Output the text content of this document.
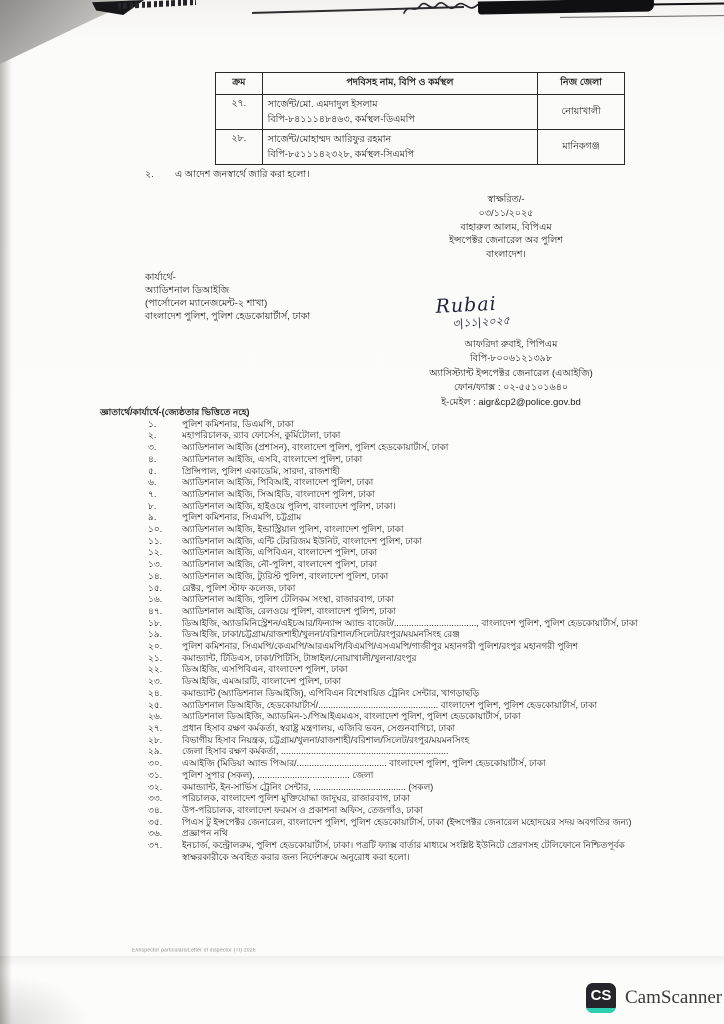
ক্রম	পদবিসহ নাম, বিপি ও কর্মস্থল	নিজ জেলা
২৭.	সার্জেন্ট/মো. এমদাদুল ইসলাম
বিপি-৮৪১১১৪৮৪৬৩, কর্মস্থল-ডিএমপি	নোয়াখালী
২৮.	সার্জেন্ট/মোহাম্মদ আরিফুর রহমান
বিপি-৮৫১১১৪২৩২৮, কর্মস্থল-সিএমপি	মানিকগঞ্জ
২. এ আদেশ জনস্বার্থে জারি করা হলো।
স্বাক্ষরিত/-
০৩/১১/২০২৫
বাহারুল আলম, বিপিএম
ইন্সপেক্টর জেনারেল অব পুলিশ
বাংলাদেশ।
কার্যার্থে-
অ্যাডিশনাল ডিআইজি
(পার্সোনেল ম্যানেজমেন্ট-২ শাখা)
বাংলাদেশ পুলিশ, পুলিশ হেডকোয়ার্টার্স, ঢাকা	Rubai
৩|১১|২০২৫
আফরিদা রুবাই, পিপিএম
বিপি-৮০০৬১২১৩৯৮
অ্যাসিস্ট্যান্ট ইন্সপেক্টর জেনারেল (এআইজি)
ফোন/ফ্যাক্স : ০২-৫৫১০১৬৪০
ই-মেইল : aigr&cp2@police.gov.bd
জ্ঞাতার্থে/কার্যার্থে-(জ্যেষ্ঠতার ভিত্তিতে নহে)
১.	পুলিশ কমিশনার, ডিএমপি, ঢাকা
২.	মহাপরিচালক, র‍্যাব ফোর্সেস, কুর্মিটোলা, ঢাকা
৩.	অ্যাডিশনাল আইজি (প্রশাসন), বাংলাদেশ পুলিশ, পুলিশ হেডকোয়ার্টার্স, ঢাকা
৪.	অ্যাডিশনাল আইজি, এসবি, বাংলাদেশ পুলিশ, ঢাকা
৫.	প্রিন্সিপাল, পুলিশ একাডেমি, সারদা, রাজশাহী
৬.	অ্যাডিশনাল আইজি, পিবিআই, বাংলাদেশ পুলিশ, ঢাকা
৭.	অ্যাডিশনাল আইজি, সিআইডি, বাংলাদেশ পুলিশ, ঢাকা
৮.	অ্যাডিশনাল আইজি, হাইওয়ে পুলিশ, বাংলাদেশ পুলিশ, ঢাকা।
৯.	পুলিশ কমিশনার, সিএমপি, চট্টগ্রাম
১০.	অ্যাডিশনাল আইজি, ইন্ডাস্ট্রিয়াল পুলিশ, বাংলাদেশ পুলিশ, ঢাকা
১১.	অ্যাডিশনাল আইজি, এন্টি টেররিজম ইউনিট, বাংলাদেশ পুলিশ, ঢাকা
১২.	অ্যাডিশনাল আইজি, এপিবিএন, বাংলাদেশ পুলিশ, ঢাকা
১৩.	অ্যাডিশনাল আইজি, নৌ-পুলিশ, বাংলাদেশ পুলিশ, ঢাকা
১৪.	অ্যাডিশনাল আইজি, ট্যুরিস্ট পুলিশ, বাংলাদেশ পুলিশ, ঢাকা
১৫.	রেক্টর, পুলিশ স্টাফ কলেজ, ঢাকা
১৬.	অ্যাডিশনাল আইজি, পুলিশ টেলিকম সংস্থা, রাজারবাগ, ঢাকা
৪৭.	অ্যাডিশনাল আইজি, রেলওয়ে পুলিশ, বাংলাদেশ পুলিশ, ঢাকা
১৮.	ডিআইজি, অ্যাডমিনিস্ট্রেশন/এইচআর/ফিন্যান্স অ্যান্ড বাজেট/................................., বাংলাদেশ পুলিশ, পুলিশ হেডকোয়ার্টার্স, ঢাকা
১৯.	ডিআইজি, ঢাকা/চট্টগ্রাম/রাজশাহী/খুলনা/বরিশাল/সিলেট/রংপুর/ময়মনসিংহ রেঞ্জ
২০.	পুলিশ কমিশনার, সিএমপি/কেএমপি/আরএমপি/বিএমপি/এসএমপি/গাজীপুর মহানগরী পুলিশ/রংপুর মহানগরী পুলিশ
২১.	কমান্ড্যান্ট, টিডিএস, ঢাকা/পিটিসি, টাঙ্গাইল/নোয়াখালী/খুলনা/রংপুর
২২.	ডিআইজি, এসপিবিএন, বাংলাদেশ পুলিশ, ঢাকা
২৩.	ডিআইজি, এমআরটি, বাংলাদেশ পুলিশ, ঢাকা
২৪.	কমান্ড্যান্ট (অ্যাডিশনাল ডিআইজি), এপিবিএন বিশেষায়িত ট্রেনিং সেন্টার, খাগড়াছড়ি
২৫.	অ্যাডিশনাল ডিআইজি, হেডকোয়ার্টার্স/................................................ বাংলাদেশ পুলিশ, পুলিশ হেডকোয়ার্টার্স, ঢাকা
২৬.	অ্যাডিশনাল ডিআইজি, অ্যাডমিন-১/পিআইএমএস, বাংলাদেশ পুলিশ, পুলিশ হেডকোয়ার্টার্স, ঢাকা
২৭.	প্রধান হিসাব রক্ষণ কর্মকর্তা, স্বরাষ্ট্র মন্ত্রণালয়, এজিবি ভবন, সেগুনবাগিচা, ঢাকা
২৮.	বিভাগীয় হিসাব নিয়ন্ত্রক, চট্টগ্রাম/খুলনা/রাজশাহী/বরিশাল/সিলেট/রংপুর/ময়মনসিংহ
২৯.	জেলা হিসাব রক্ষণ কর্মকর্তা, ...................................................................
৩০.	এআইজি (মিডিয়া অ্যান্ড পিআর/.................................... বাংলাদেশ পুলিশ, পুলিশ হেডকোয়ার্টার্স, ঢাকা
৩১.	পুলিশ সুপার (সকল), ..................................... জেলা
৩২.	কমান্ড্যান্ট, ইন-সার্ভিস ট্রেনিং সেন্টার, ..................................... (সকল)
৩৩.	পরিচালক, বাংলাদেশ পুলিশ মুক্তিযোদ্ধা জাদুঘর, রাজারবাগ, ঢাকা
৩৪.	উপ-পরিচালক, বাংলাদেশ ফরমস ও প্রকাশনা অফিস, তেজগাঁও, ঢাকা
৩৫.	পিএস টু ইন্সপেক্টর জেনারেল, বাংলাদেশ পুলিশ, পুলিশ হেডকোয়ার্টার্স, ঢাকা (ইন্সপেক্টর জেনারেল মহোদয়ের সদয় অবগতির জন্য)
৩৬.	প্রজ্ঞাপন নথি
৩৭.	ইনচার্জ, কন্ট্রোলরুম, পুলিশ হেডকোয়ার্টার্স, ঢাকা। পত্রটি ফ্যাক্স বার্তার মাধ্যমে সংশ্লিষ্ট ইউনিটে প্রেরণসহ টেলিফোনে নিশ্চিতপূর্বক স্বাক্ষরকারীকে অবহিত করার জন্য নির্দেশক্রমে অনুরোধ করা হলো।
E/inspector particulars/Letter of inspector (TI) 2025
CS CamScanner
